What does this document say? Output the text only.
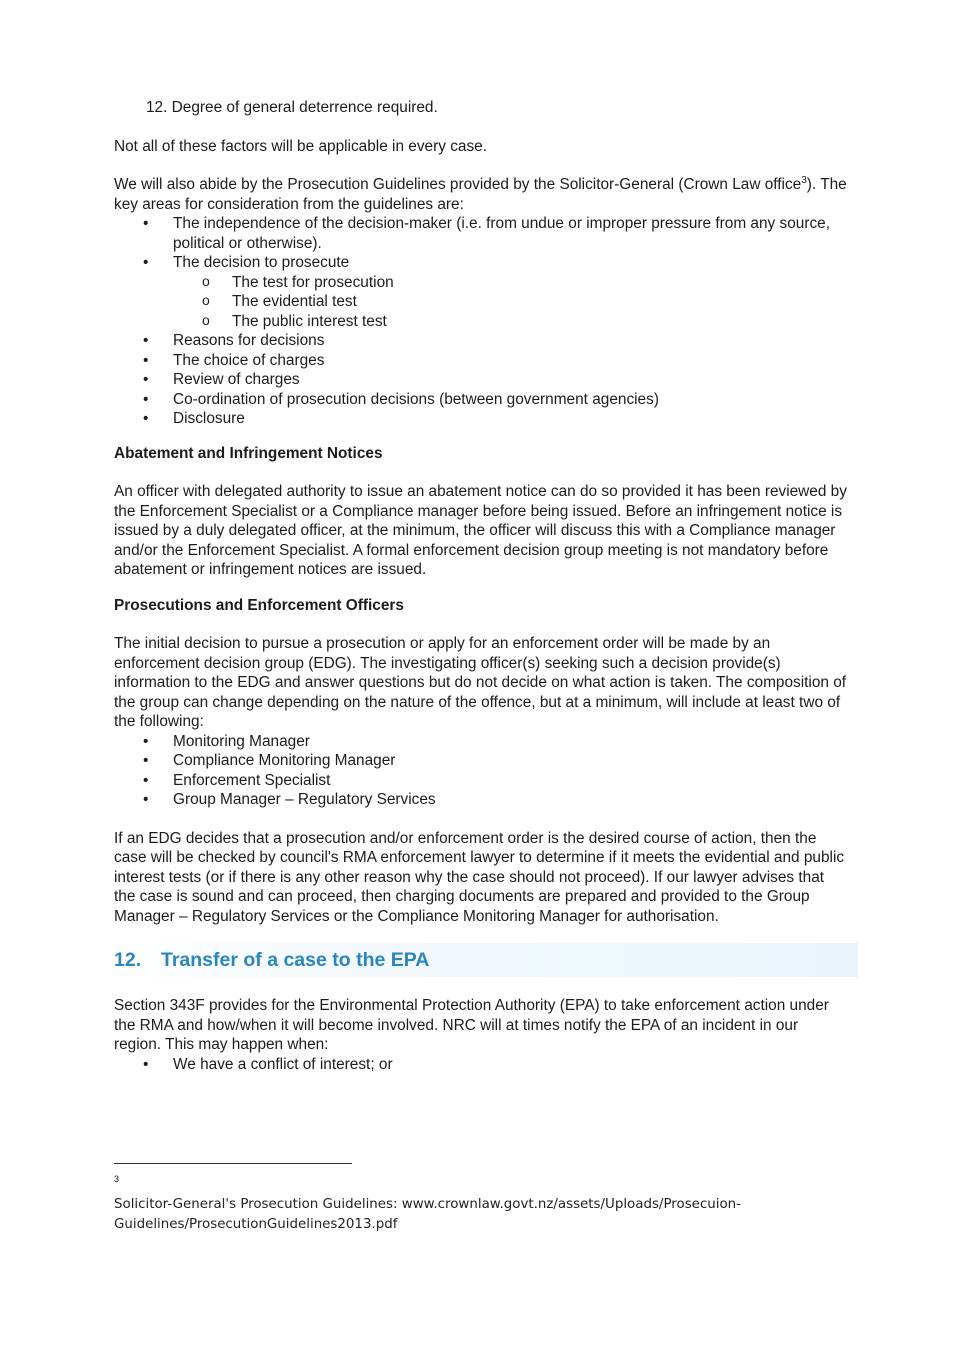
12. Degree of general deterrence required.

Not all of these factors will be applicable in every case.

We will also abide by the Prosecution Guidelines provided by the Solicitor-General (Crown Law office$^3$). The key areas for consideration from the guidelines are:

• The independence of the decision-maker (i.e. from undue or improper pressure from any source, political or otherwise).
• The decision to prosecute
o The test for prosecution
o The evidential test
o The public interest test
• Reasons for decisions
• The choice of charges
• Review of charges
• Co-ordination of prosecution decisions (between government agencies)
• Disclosure
Abatement and Infringement Notices

An officer with delegated authority to issue an abatement notice can do so provided it has been reviewed by the Enforcement Specialist or a Compliance manager before being issued. Before an infringement notice is issued by a duly delegated officer, at the minimum, the officer will discuss this with a Compliance manager and/or the Enforcement Specialist. A formal enforcement decision group meeting is not mandatory before abatement or infringement notices are issued.

Prosecutions and Enforcement Officers

The initial decision to pursue a prosecution or apply for an enforcement order will be made by an enforcement decision group (EDG). The investigating officer(s) seeking such a decision provide(s) information to the EDG and answer questions but do not decide on what action is taken. The composition of the group can change depending on the nature of the offence, but at a minimum, will include at least two of the following:

• Monitoring Manager
• Compliance Monitoring Manager
• Enforcement Specialist
• Group Manager – Regulatory Services

If an EDG decides that a prosecution and/or enforcement order is the desired course of action, then the case will be checked by council's RMA enforcement lawyer to determine if it meets the evidential and public interest tests (or if there is any other reason why the case should not proceed). If our lawyer advises that the case is sound and can proceed, then charging documents are prepared and provided to the Group Manager – Regulatory Services or the Compliance Monitoring Manager for authorisation.

12. Transfer of a case to the EPA

Section 343F provides for the Environmental Protection Authority (EPA) to take enforcement action under the RMA and how/when it will become involved. NRC will at times notify the EPA of an incident in our region. This may happen when:

• We have a conflict of interest; or
3
Solicitor-General's Prosecution Guidelines: www.crownlaw.govt.nz/assets/Uploads/Prosecuion-Guidelines/ProsecutionGuidelines2013.pdf
